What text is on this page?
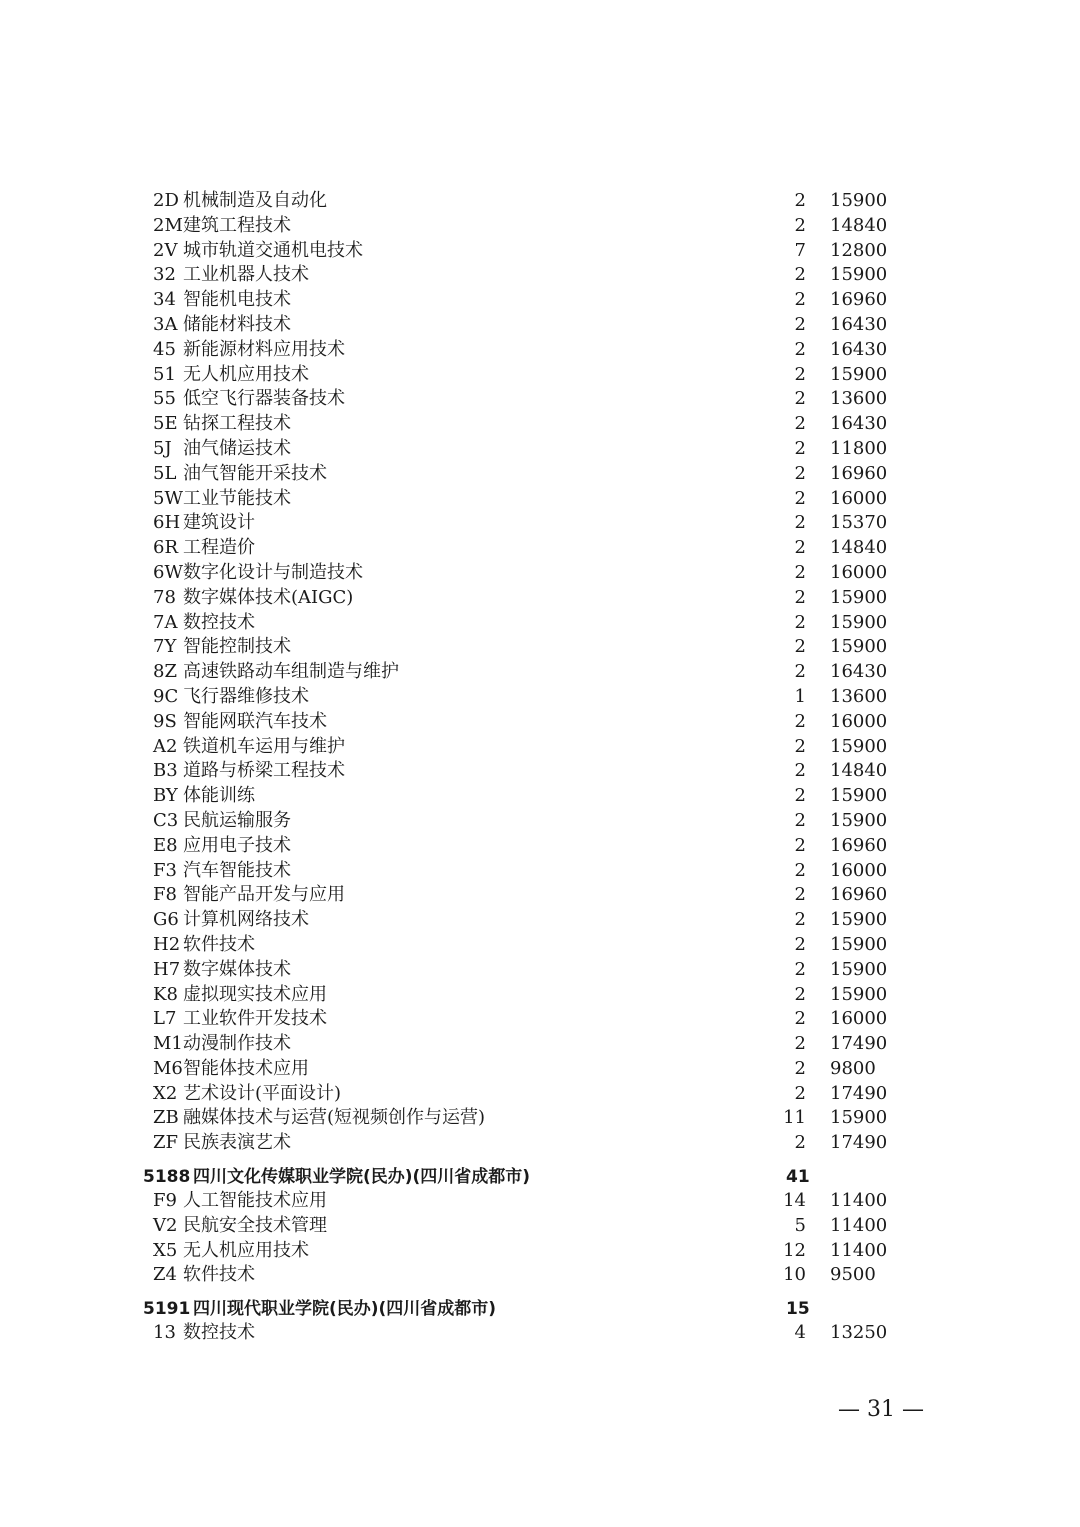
2D 机械制造及自动化	2 15900
2M 建筑工程技术	2 14840
2V 城市轨道交通机电技术	7 12800
32 工业机器人技术	2 15900
34 智能机电技术	2 16960
3A 储能材料技术	2 16430
45 新能源材料应用技术	2 16430
51 无人机应用技术	2 15900
55 低空飞行器装备技术	2 13600
5E 钻探工程技术	2 16430
5J 油气储运技术	2 11800
5L 油气智能开采技术	2 16960
5W 工业节能技术	2 16000
6H 建筑设计	2 15370
6R 工程造价	2 14840
6W 数字化设计与制造技术	2 16000
78 数字媒体技术(AIGC)	2 15900
7A 数控技术	2 15900
7Y 智能控制技术	2 15900
8Z 高速铁路动车组制造与维护	2 16430
9C 飞行器维修技术	1 13600
9S 智能网联汽车技术	2 16000
A2 铁道机车运用与维护	2 15900
B3 道路与桥梁工程技术	2 14840
BY 体能训练	2 15900
C3 民航运输服务	2 15900
E8 应用电子技术	2 16960
F3 汽车智能技术	2 16000
F8 智能产品开发与应用	2 16960
G6 计算机网络技术	2 15900
H2 软件技术	2 15900
H7 数字媒体技术	2 15900
K8 虚拟现实技术应用	2 15900
L7 工业软件开发技术	2 16000
M1 动漫制作技术	2 17490
M6 智能体技术应用	2 9800
X2 艺术设计(平面设计)	2 17490
ZB 融媒体技术与运营(短视频创作与运营)	11 15900
ZF 民族表演艺术	2 17490
5188 四川文化传媒职业学院(民办)(四川省成都市)	41
F9 人工智能技术应用	14 11400
V2 民航安全技术管理	5 11400
X5 无人机应用技术	12 11400
Z4 软件技术	10 9500
5191 四川现代职业学院(民办)(四川省成都市)	15
13 数控技术	4 13250
— 31 —
